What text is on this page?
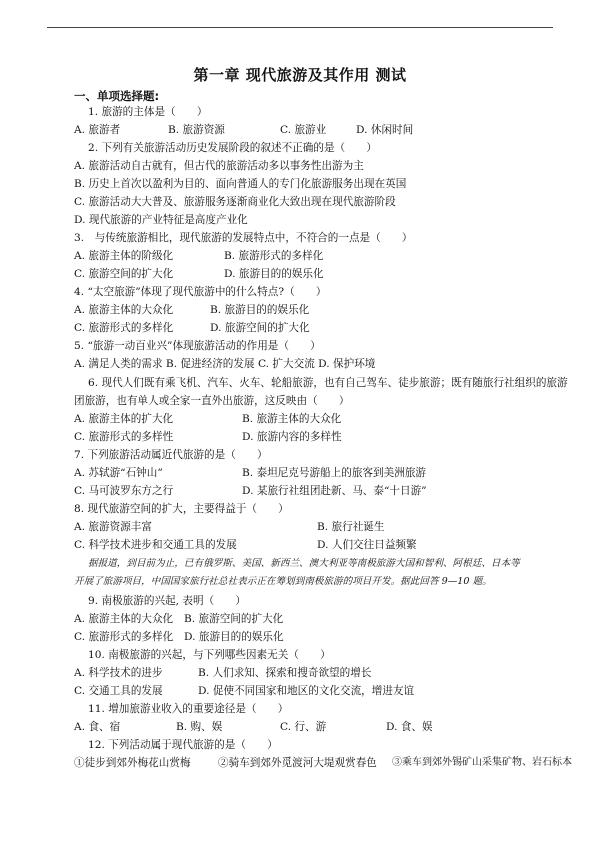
第一章 现代旅游及其作用 测试
一、单项选择题:
1. 旅游的主体是（　　）
A. 旅游者	B. 旅游资源	C. 旅游业	D. 休闲时间
2. 下列有关旅游活动历史发展阶段的叙述不正确的是（　　）
A. 旅游活动自古就有，但古代的旅游活动多以事务性出游为主
B. 历史上首次以盈利为目的、面向普通人的专门化旅游服务出现在英国
C. 旅游活动大大普及、旅游服务逐渐商业化大致出现在现代旅游阶段
D. 现代旅游的产业特征是高度产业化
3.　与传统旅游相比，现代旅游的发展特点中，不符合的一点是（　　）
A. 旅游主体的阶级化	B. 旅游形式的多样化
C. 旅游空间的扩大化	D. 旅游目的的娱乐化
4. “太空旅游”体现了现代旅游中的什么特点?（　　）
A. 旅游主体的大众化	B. 旅游目的的娱乐化
C. 旅游形式的多样化	D. 旅游空间的扩大化
5. “旅游一动百业兴”体现旅游活动的作用是（　　）
A. 满足人类的需求 B. 促进经济的发展 C. 扩大交流 D. 保护环境
6. 现代人们既有乘飞机、汽车、火车、轮船旅游，也有自己驾车、徒步旅游；既有随旅行社组织的旅游
团旅游，也有单人或全家一直外出旅游，这反映由（　　）
A. 旅游主体的扩大化	B. 旅游主体的大众化
C. 旅游形式的多样性	D. 旅游内容的多样性
7. 下列旅游活动属近代旅游的是（　　）
A. 苏轼游“石钟山”	B. 泰坦尼克号游船上的旅客到美洲旅游
C. 马可波罗东方之行	D. 某旅行社组团赴新、马、泰“十日游”
8. 现代旅游空间的扩大，主要得益于（　　）
A. 旅游资源丰富	B. 旅行社诞生
C. 科学技术进步和交通工具的发展	D. 人们交往日益频繁
据报道，到目前为止，已有俄罗斯、美国、新西兰、澳大利亚等南极旅游大国和智利、阿根廷、日本等
开展了旅游项目，中国国家旅行社总社表示正在筹划到南极旅游的项目开发。据此回答 9—10 题。
9. 南极旅游的兴起, 表明（　　）
A. 旅游主体的大众化 B. 旅游空间的扩大化
C. 旅游形式的多样化 D. 旅游目的的娱乐化
10. 南极旅游的兴起，与下列哪些因素无关（　　）
A. 科学技术的进步	B. 人们求知、探索和搜奇欲望的增长
C. 交通工具的发展	D. 促使不同国家和地区的文化交流，增进友谊
11. 增加旅游业收入的重要途径是（　　）
A. 食、宿	B. 购、娱	C. 行、游	D. 食、娱
12. 下列活动属于现代旅游的是（　　）
①徒步到郊外梅花山赏梅	②骑车到郊外觅渡河大堤观赏春色 ③乘车到郊外锡矿山采集矿物、岩石标本
